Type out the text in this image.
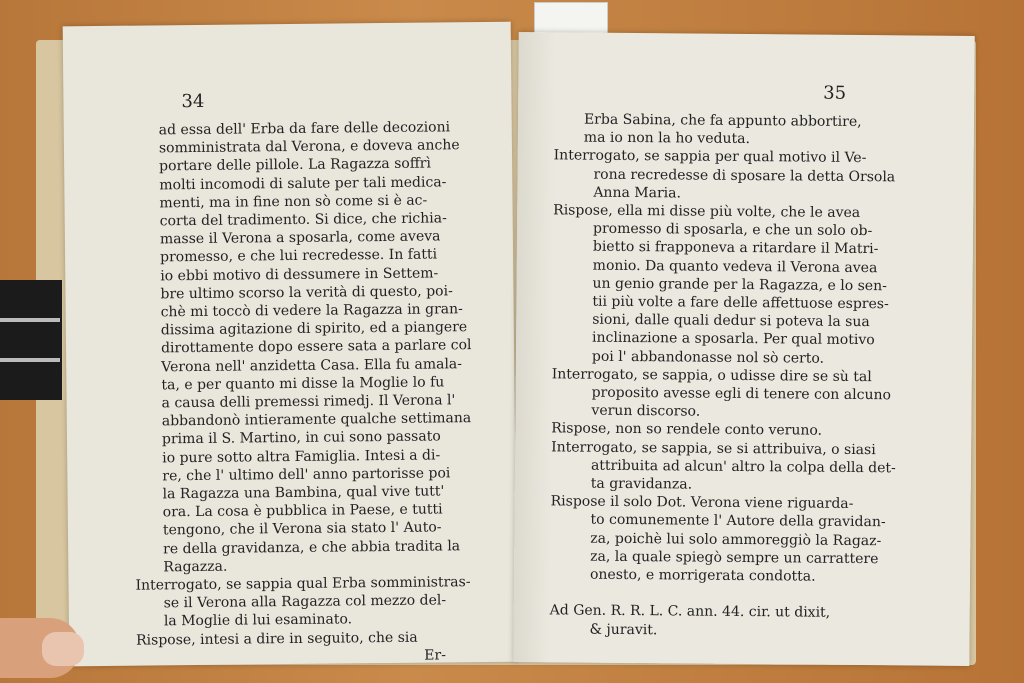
34
ad essa dell' Erba da fare delle decozioni
somministrata dal Verona, e doveva anche
portare delle pillole. La Ragazza soffrì
molti incomodi di salute per tali medica-
menti, ma in fine non sò come si è ac-
corta del tradimento. Si dice, che richia-
masse il Verona a sposarla, come aveva
promesso, e che lui recredesse. In fatti
io ebbi motivo di dessumere in Settem-
bre ultimo scorso la verità di questo, poi-
chè mi toccò di vedere la Ragazza in gran-
dissima agitazione di spirito, ed a piangere
dirottamente dopo essere sata a parlare col
Verona nell' anzidetta Casa. Ella fu amala-
ta, e per quanto mi disse la Moglie lo fu
a causa delli premessi rimedj. Il Verona l'
abbandonò intieramente qualche settimana
prima il S. Martino, in cui sono passato
io pure sotto altra Famiglia. Intesi a di-
re, che l' ultimo dell' anno partorisse poi
la Ragazza una Bambina, qual vive tutt'
ora. La cosa è pubblica in Paese, e tutti
tengono, che il Verona sia stato l' Auto-
re della gravidanza, e che abbia tradita la
Ragazza.
Interrogato, se sappia qual Erba somministras-
se il Verona alla Ragazza col mezzo del-
la Moglie di lui esaminato.
Rispose, intesi a dire in seguito, che sia
Er-
35
Erba Sabina, che fa appunto abbortire,
ma io non la ho veduta.
Interrogato, se sappia per qual motivo il Ve-
rona recredesse di sposare la detta Orsola
Anna Maria.
Rispose, ella mi disse più volte, che le avea
promesso di sposarla, e che un solo ob-
bietto si frapponeva a ritardare il Matri-
monio. Da quanto vedeva il Verona avea
un genio grande per la Ragazza, e lo sen-
tii più volte a fare delle affettuose espres-
sioni, dalle quali dedur si poteva la sua
inclinazione a sposarla. Per qual motivo
poi l' abbandonasse nol sò certo.
Interrogato, se sappia, o udisse dire se sù tal
proposito avesse egli di tenere con alcuno
verun discorso.
Rispose, non so rendele conto veruno.
Interrogato, se sappia, se si attribuiva, o siasi
attribuita ad alcun' altro la colpa della det-
ta gravidanza.
Rispose il solo Dot. Verona viene riguarda-
to comunemente l' Autore della gravidan-
za, poichè lui solo ammoreggiò la Ragaz-
za, la quale spiegò sempre un carrattere
onesto, e morrigerata condotta.

Ad Gen. R. R. L. C. ann. 44. cir. ut dixit,
& juravit.
